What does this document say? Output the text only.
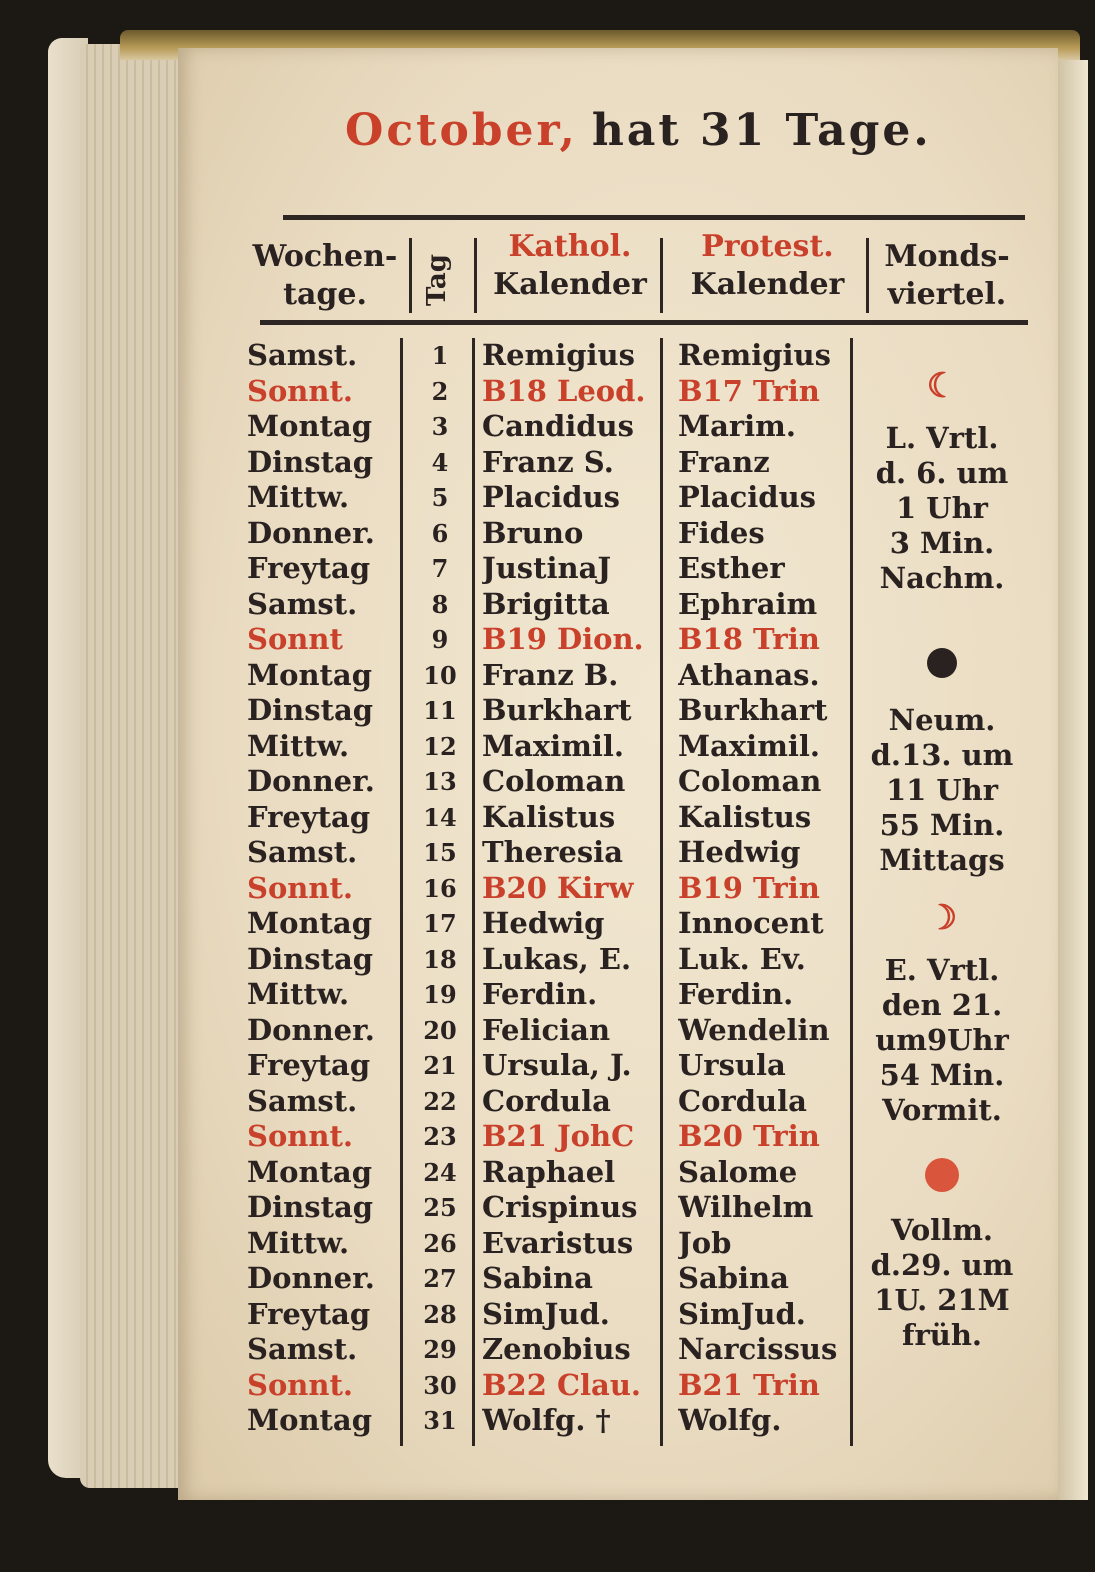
October, hat 31 Tage.
Wochen-
tage.	Tag
Kathol.
Kalender
Protest.
Kalender
Monds-
viertel.
Samst.
Sonnt.
Montag
Dinstag
Mittw.
Donner.
Freytag
Samst.
Sonnt
Montag
Dinstag
Mittw.
Donner.
Freytag
Samst.
Sonnt.
Montag
Dinstag
Mittw.
Donner.
Freytag
Samst.
Sonnt.
Montag
Dinstag
Mittw.
Donner.
Freytag
Samst.
Sonnt.
Montag
1
2
3
4
5
6
7
8
9
10
11
12
13
14
15
16
17
18
19
20
21
22
23
24
25
26
27
28
29
30
31
Remigius
B18 Leod.
Candidus
Franz S.
Placidus
Bruno
JustinaJ
Brigitta
B19 Dion.
Franz B.
Burkhart
Maximil.
Coloman
Kalistus
Theresia
B20 Kirw
Hedwig
Lukas, E.
Ferdin.
Felician
Ursula, J.
Cordula
B21 JohC
Raphael
Crispinus
Evaristus
Sabina
SimJud.
Zenobius
B22 Clau.
Wolfg. †
Remigius
B17 Trin
Marim.
Franz
Placidus
Fides
Esther
Ephraim
B18 Trin
Athanas.
Burkhart
Maximil.
Coloman
Kalistus
Hedwig
B19 Trin
Innocent
Luk. Ev.
Ferdin.
Wendelin
Ursula
Cordula
B20 Trin
Salome
Wilhelm
Job
Sabina
SimJud.
Narcissus
B21 Trin
Wolfg.
☾
L. Vrtl.
d. 6. um
1 Uhr
3 Min.
Nachm.
Neum.
d.13. um
11 Uhr
55 Min.
Mittags
☽
E. Vrtl.
den 21.
um9Uhr
54 Min.
Vormit.
Vollm.
d.29. um
1U. 21M
früh.
